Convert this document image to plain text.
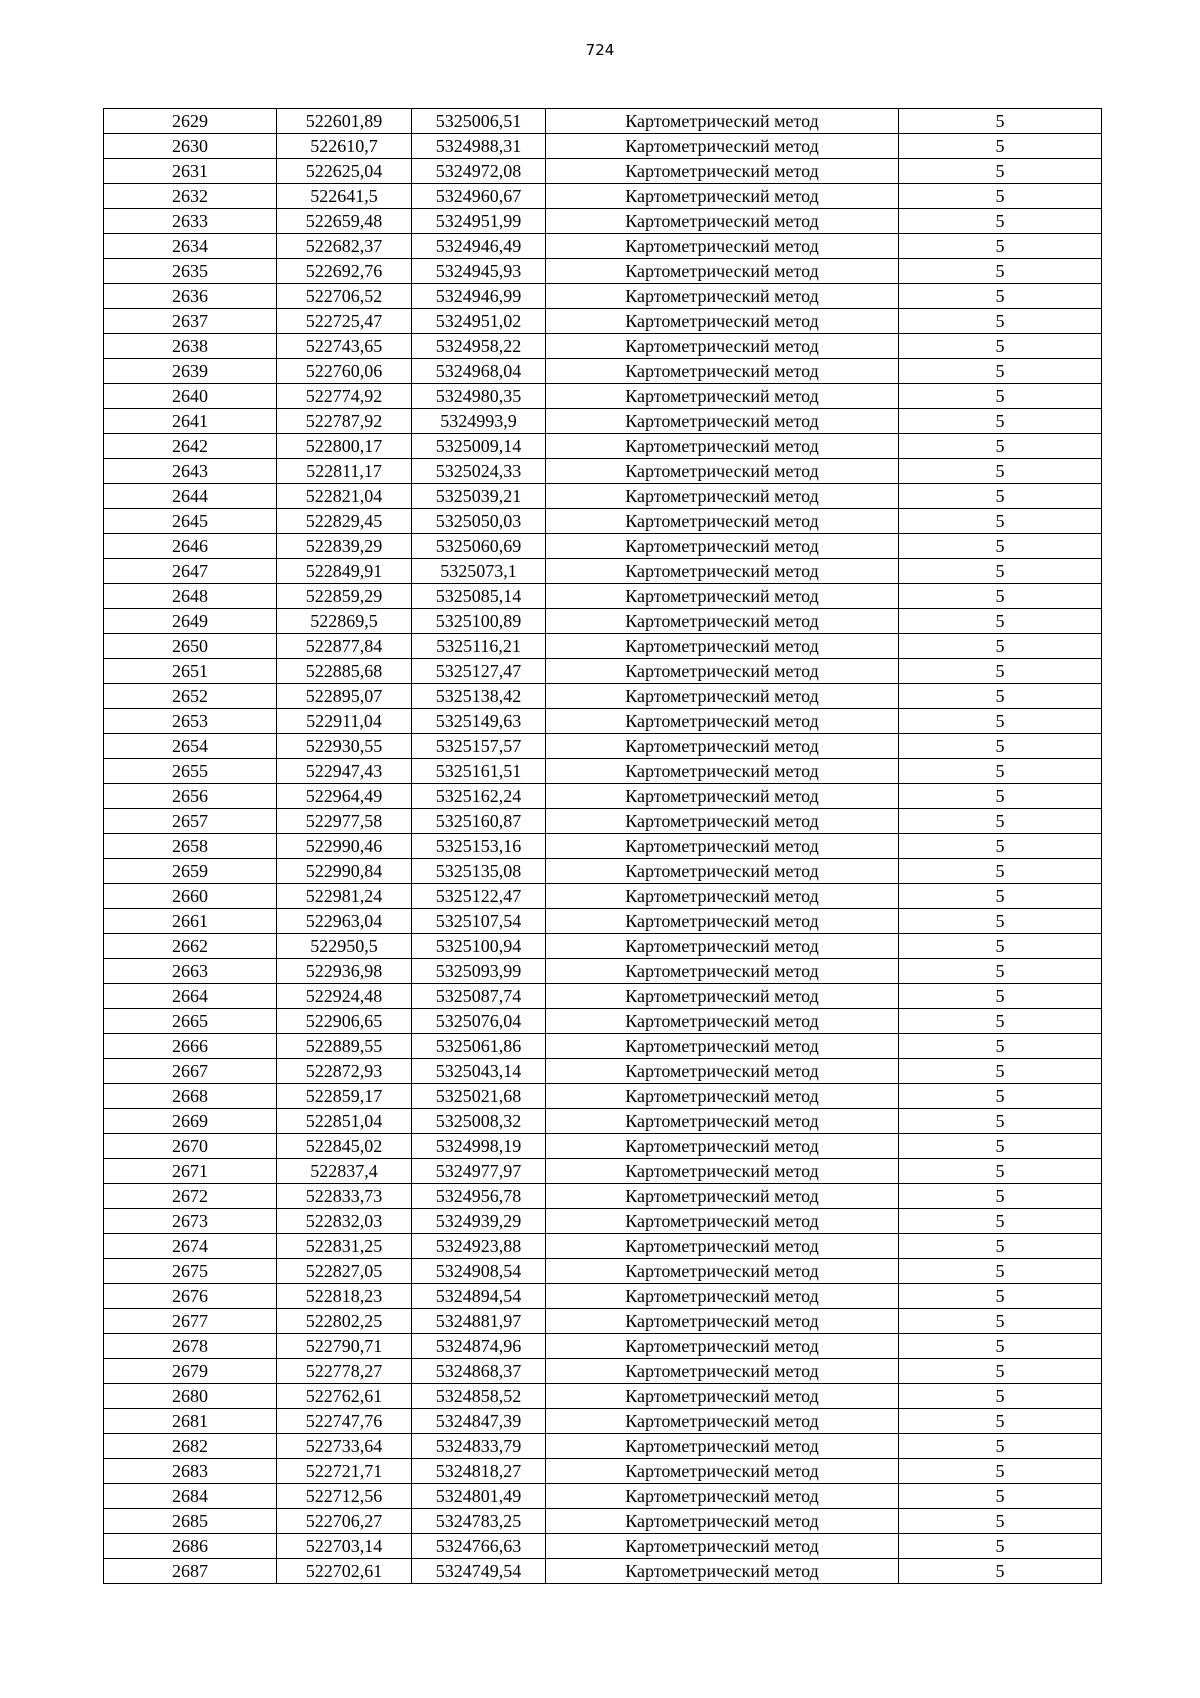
724
2629	522601,89	5325006,51	Картометрический метод	5
2630	522610,7	5324988,31	Картометрический метод	5
2631	522625,04	5324972,08	Картометрический метод	5
2632	522641,5	5324960,67	Картометрический метод	5
2633	522659,48	5324951,99	Картометрический метод	5
2634	522682,37	5324946,49	Картометрический метод	5
2635	522692,76	5324945,93	Картометрический метод	5
2636	522706,52	5324946,99	Картометрический метод	5
2637	522725,47	5324951,02	Картометрический метод	5
2638	522743,65	5324958,22	Картометрический метод	5
2639	522760,06	5324968,04	Картометрический метод	5
2640	522774,92	5324980,35	Картометрический метод	5
2641	522787,92	5324993,9	Картометрический метод	5
2642	522800,17	5325009,14	Картометрический метод	5
2643	522811,17	5325024,33	Картометрический метод	5
2644	522821,04	5325039,21	Картометрический метод	5
2645	522829,45	5325050,03	Картометрический метод	5
2646	522839,29	5325060,69	Картометрический метод	5
2647	522849,91	5325073,1	Картометрический метод	5
2648	522859,29	5325085,14	Картометрический метод	5
2649	522869,5	5325100,89	Картометрический метод	5
2650	522877,84	5325116,21	Картометрический метод	5
2651	522885,68	5325127,47	Картометрический метод	5
2652	522895,07	5325138,42	Картометрический метод	5
2653	522911,04	5325149,63	Картометрический метод	5
2654	522930,55	5325157,57	Картометрический метод	5
2655	522947,43	5325161,51	Картометрический метод	5
2656	522964,49	5325162,24	Картометрический метод	5
2657	522977,58	5325160,87	Картометрический метод	5
2658	522990,46	5325153,16	Картометрический метод	5
2659	522990,84	5325135,08	Картометрический метод	5
2660	522981,24	5325122,47	Картометрический метод	5
2661	522963,04	5325107,54	Картометрический метод	5
2662	522950,5	5325100,94	Картометрический метод	5
2663	522936,98	5325093,99	Картометрический метод	5
2664	522924,48	5325087,74	Картометрический метод	5
2665	522906,65	5325076,04	Картометрический метод	5
2666	522889,55	5325061,86	Картометрический метод	5
2667	522872,93	5325043,14	Картометрический метод	5
2668	522859,17	5325021,68	Картометрический метод	5
2669	522851,04	5325008,32	Картометрический метод	5
2670	522845,02	5324998,19	Картометрический метод	5
2671	522837,4	5324977,97	Картометрический метод	5
2672	522833,73	5324956,78	Картометрический метод	5
2673	522832,03	5324939,29	Картометрический метод	5
2674	522831,25	5324923,88	Картометрический метод	5
2675	522827,05	5324908,54	Картометрический метод	5
2676	522818,23	5324894,54	Картометрический метод	5
2677	522802,25	5324881,97	Картометрический метод	5
2678	522790,71	5324874,96	Картометрический метод	5
2679	522778,27	5324868,37	Картометрический метод	5
2680	522762,61	5324858,52	Картометрический метод	5
2681	522747,76	5324847,39	Картометрический метод	5
2682	522733,64	5324833,79	Картометрический метод	5
2683	522721,71	5324818,27	Картометрический метод	5
2684	522712,56	5324801,49	Картометрический метод	5
2685	522706,27	5324783,25	Картометрический метод	5
2686	522703,14	5324766,63	Картометрический метод	5
2687	522702,61	5324749,54	Картометрический метод	5
